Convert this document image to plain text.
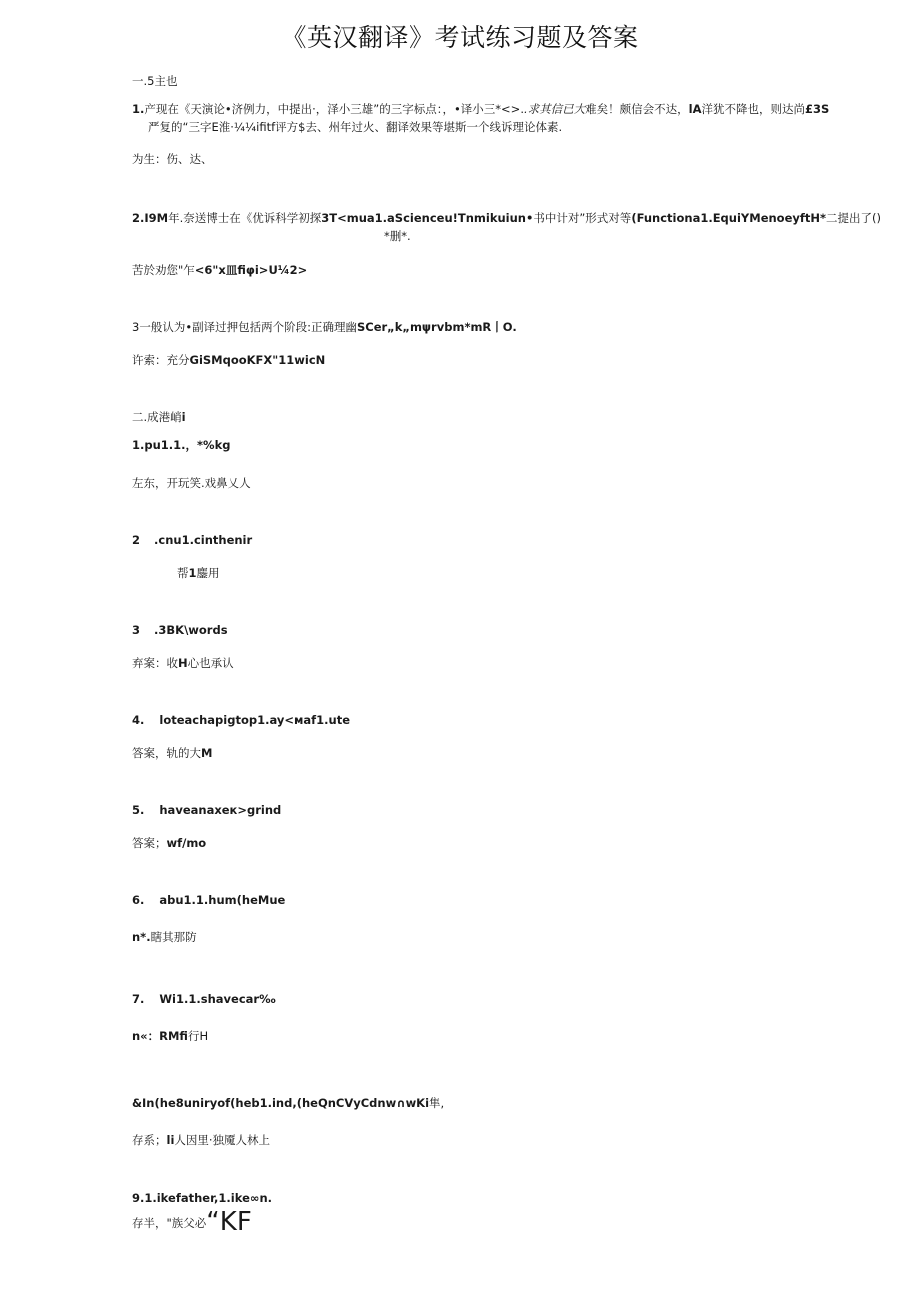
《英汉翻译》考试练习题及答案
一.5主也
1.产现在《天演论•济例力，中提出·，泽小三雄”的三字标点：，•译小三*<>..求其信已大难矣！颇信会不达，lA洋犹不降也，则达尚£3S
严复的“三字E淮·¼¼ifitf评方$去、州年过火、翻译效果等堪斯一个线诉理论体素.
为生：伤、达、
2.I9M年.奈送博士在《优诉科学初探3T<mua1.aScienceu!Tnmikuiun•书中计对”形式对等(Functiona1.EquiYMenoeyftH*二提出了()
*删*.
苦於劝您"乍<6"x皿fiφi>U¼2>
3一般认为•副译过押包括两个阶段:正确理幽SCer„k„mψrvbm*mR丨O.
许索：充分GiSMqooKFX"11wicN
二.成港峭i
1.pu1.1.，*%kg
左东，开玩笑.戏鼻乂人
2 .cnu1.cinthenir
帮1鏖用
3 .3BK\words
弃案：收H心也承认
4. loteachapigtop1.ay<мaf1.ute
答案，轨的大M
5. haveanaxeк>grind
答案；wf/mo
6. abu1.1.hum(heMue
n*.瞎其那防
7. Wi1.1.shavecar‰
n«：RMfi行H
&In(he8uniryof(heb1.ind,(heQnCVyCdnw∩wKi隼,
存系；li人因里·独魇人林上
9.1.ikefather,1.ike∞n.
存半，"族父必“KF
